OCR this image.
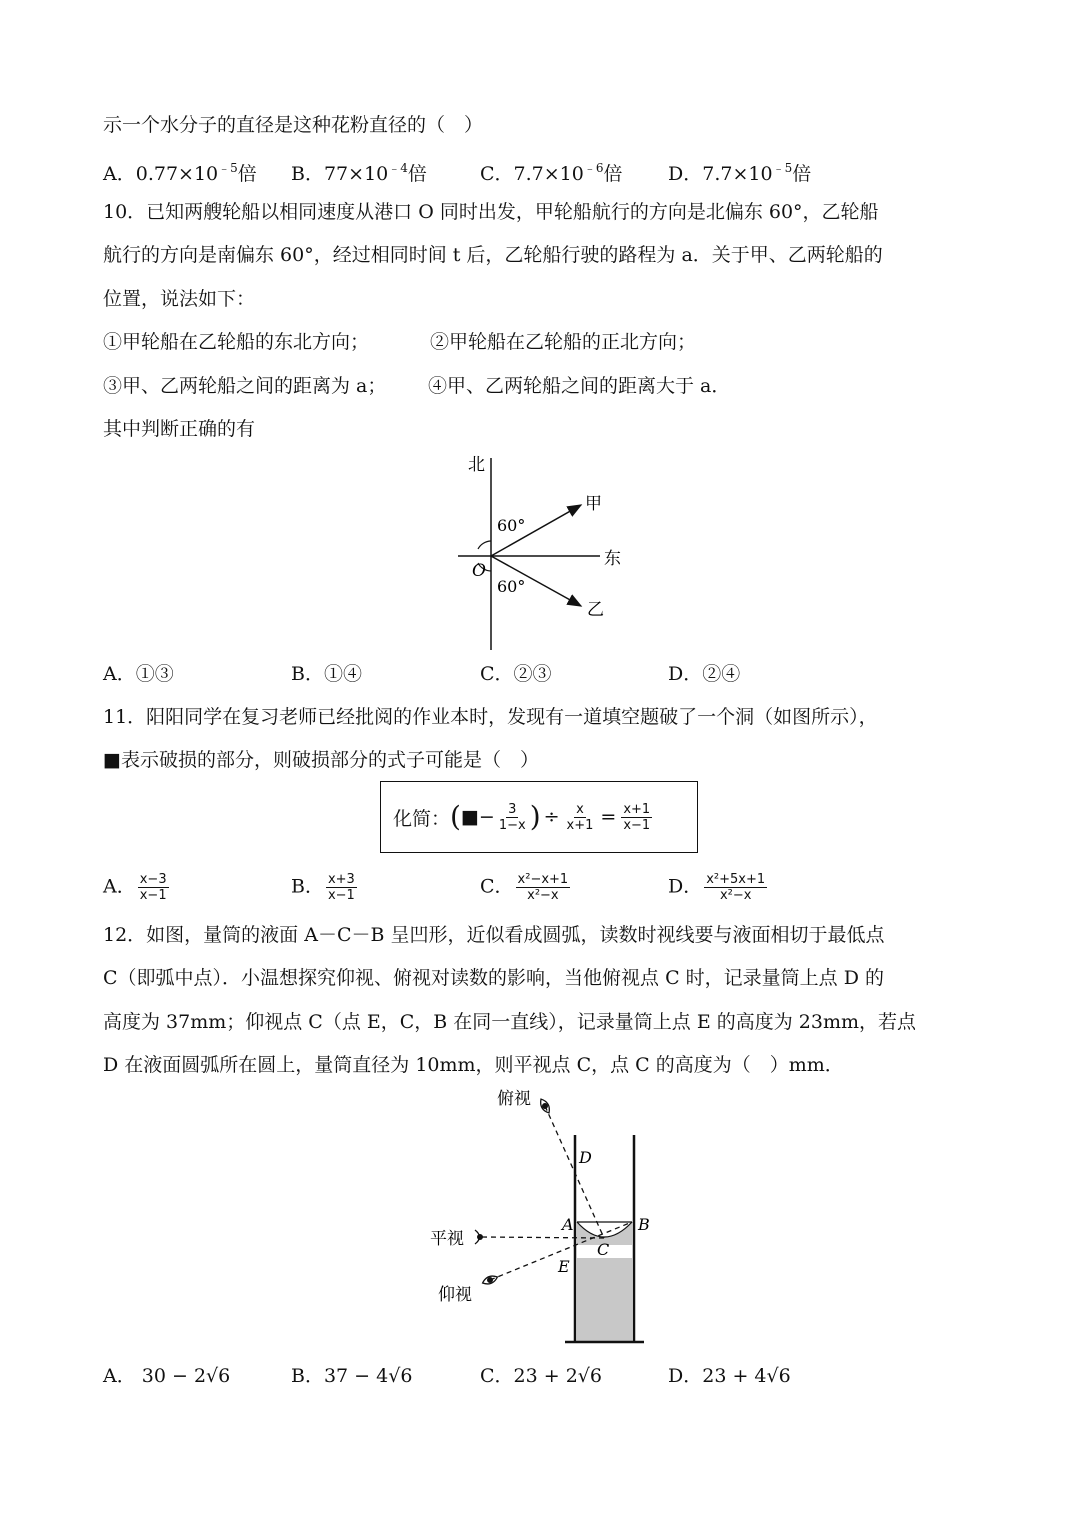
示一个水分子的直径是这种花粉直径的（　）
A．$0.77\times 10^{﹣5}$倍 B．$77\times 10^{﹣4}$倍	C．$7.7\times 10^{﹣6}$倍 D．$7.7\times 10^{﹣5}$倍
10．已知两艘轮船以相同速度从港口 O 同时出发，甲轮船航行的方向是北偏东 60°，乙轮船
航行的方向是南偏东 60°，经过相同时间 t 后，乙轮船行驶的路程为 a．关于甲、乙两轮船的
位置，说法如下：
①甲轮船在乙轮船的东北方向；	②甲轮船在乙轮船的正北方向；
③甲、乙两轮船之间的距离为 a； ④甲、乙两轮船之间的距离大于 a．
其中判断正确的有
北
东
O
甲
乙
60°
60°
A．①③	B．①④	C．②③	D．②④
11．阳阳同学在复习老师已经批阅的作业本时，发现有一道填空题破了一个洞（如图所示），
■表示破损的部分，则破损部分的式子可能是（　）
化简： ( ■ − $\frac{3}{1-x}$ ) ÷ $\frac{x}{x+1} = \frac{x+1}{x-1}$
A． $\frac{x-3}{x-1}$	B． $\frac{x+3}{x-1}$	C． $\frac{\text{x²−x+1}}{\text{x²−x}}$	D． $\frac{\text{x²+5x+1}}{\text{x²−x}}$
12．如图，量筒的液面 A－C－B 呈凹形，近似看成圆弧，读数时视线要与液面相切于最低点
C（即弧中点）．小温想探究仰视、俯视对读数的影响，当他俯视点 C 时，记录量筒上点 D 的
高度为 37mm；仰视点 C（点 E，C，B 在同一直线），记录量筒上点 E 的高度为 23mm，若点
D 在液面圆弧所在圆上，量筒直径为 10mm，则平视点 C，点 C 的高度为（　）mm．
俯视
平视
仰视
D
A	B
C
E
A． 30 − 2√6	B．37 − 4√6	C．23 + 2√6	D．23 + 4√6
